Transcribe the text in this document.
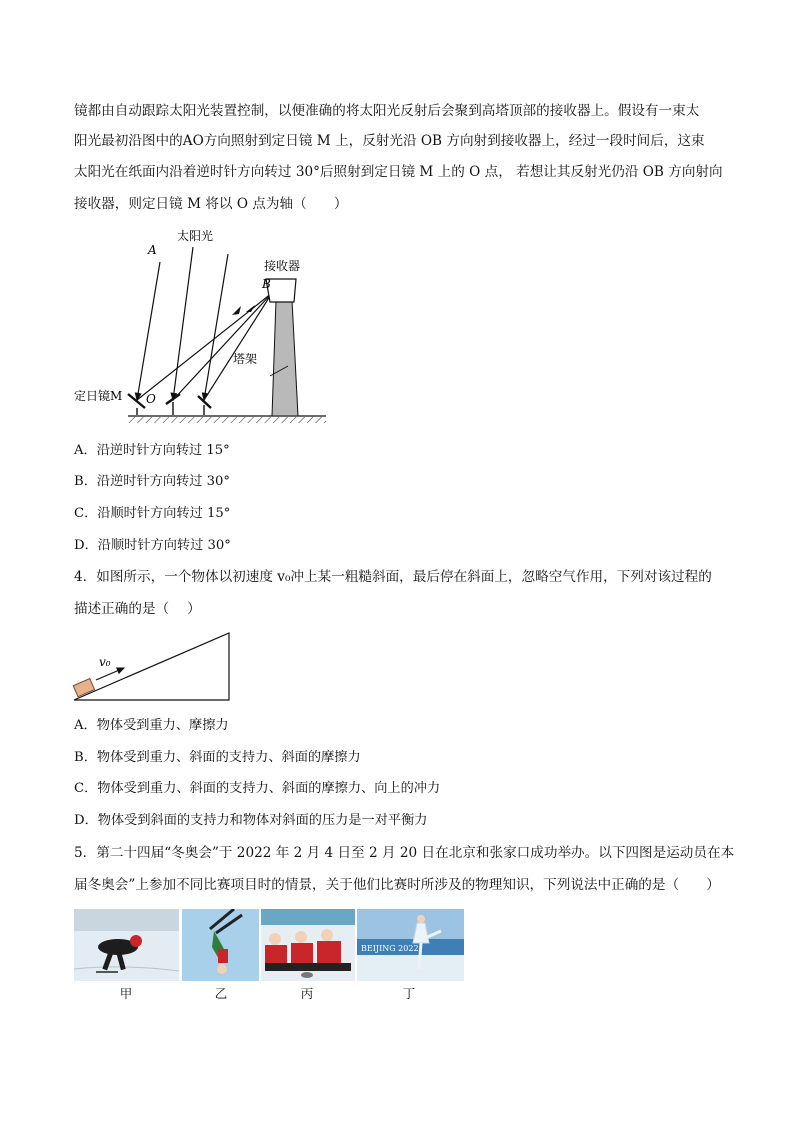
镜都由自动跟踪太阳光装置控制，以便准确的将太阳光反射后会聚到高塔顶部的接收器上。假设有一束太
阳光最初沿图中的AO方向照射到定日镜 M 上，反射光沿 OB 方向射到接收器上，经过一段时间后，这束
太阳光在纸面内沿着逆时针方向转过 30°后照射到定日镜 M 上的 O 点， 若想让其反射光仍沿 OB 方向射向
接收器，则定日镜 M 将以 O 点为轴（　　）
A
太阳光
接收器
B
塔架
定日镜M O
A．沿逆时针方向转过 15°
B．沿逆时针方向转过 30°
C．沿顺时针方向转过 15°
D．沿顺时针方向转过 30°
4．如图所示，一个物体以初速度 v₀冲上某一粗糙斜面，最后停在斜面上，忽略空气作用，下列对该过程的
描述正确的是（　 ）
v₀
A．物体受到重力、摩擦力
B．物体受到重力、斜面的支持力、斜面的摩擦力
C．物体受到重力、斜面的支持力、斜面的摩擦力、向上的冲力
D．物体受到斜面的支持力和物体对斜面的压力是一对平衡力
5．第二十四届“冬奥会”于 2022 年 2 月 4 日至 2 月 20 日在北京和张家口成功举办。以下四图是运动员在本
届冬奥会”上参加不同比赛项目时的情景，关于他们比赛时所涉及的物理知识，下列说法中正确的是（　　）
BEIJING 2022
甲	乙	丙	丁
